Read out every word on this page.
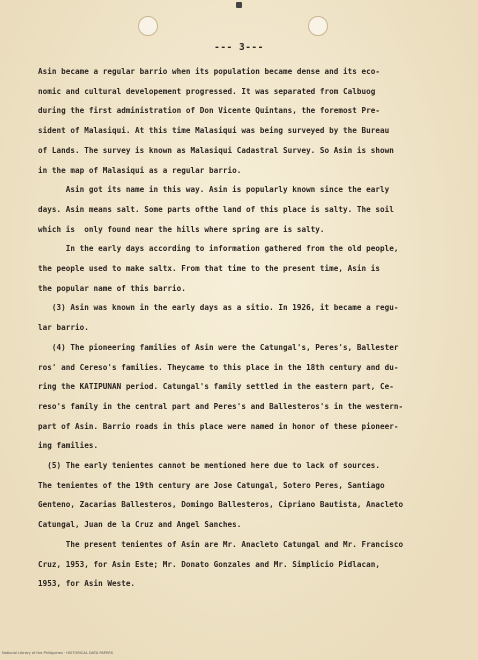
--- 3---
Asin became a regular barrio when its population became dense and its eco-
nomic and cultural developement progressed. It was separated from Calbuog
during the first administration of Don Vicente Quintans, the foremost Pre-
sident of Malasiqui. At this time Malasiqui was being surveyed by the Bureau
of Lands. The survey is known as Malasiqui Cadastral Survey. So Asin is shown
in the map of Malasiqui as a regular barrio.
Asin got its name in this way. Asin is popularly known since the early
days. Asin means salt. Some parts ofthe land of this place is salty. The soil
which is  only found near the hills where spring are is salty.
In the early days according to information gathered from the old people,
the people used to make saltx. From that time to the present time, Asin is
the popular name of this barrio.
(3) Asin was known in the early days as a sitio. In 1926, it became a regu-
lar barrio.
(4) The pioneering families of Asin were the Catungal's, Peres's, Ballester
ros' and Cereso's families. Theycame to this place in the 18th century and du-
ring the KATIPUNAN period. Catungal's family settled in the eastern part, Ce-
reso's family in the central part and Peres's and Ballesteros's in the western-
part of Asin. Barrio roads in this place were named in honor of these pioneer-
ing families.
(5) The early tenientes cannot be mentioned here due to lack of sources.
The tenientes of the 19th century are Jose Catungal, Sotero Peres, Santiago
Genteno, Zacarias Ballesteros, Domingo Ballesteros, Cipriano Bautista, Anacleto
Catungal, Juan de la Cruz and Angel Sanches.
The present tenientes of Asin are Mr. Anacleto Catungal and Mr. Francisco
Cruz, 1953, for Asin Este; Mr. Donato Gonzales and Mr. Simplicio Pidlacan,
1953, for Asin Weste.
National Library of the Philippines · HISTORICAL DATA PAPERS
